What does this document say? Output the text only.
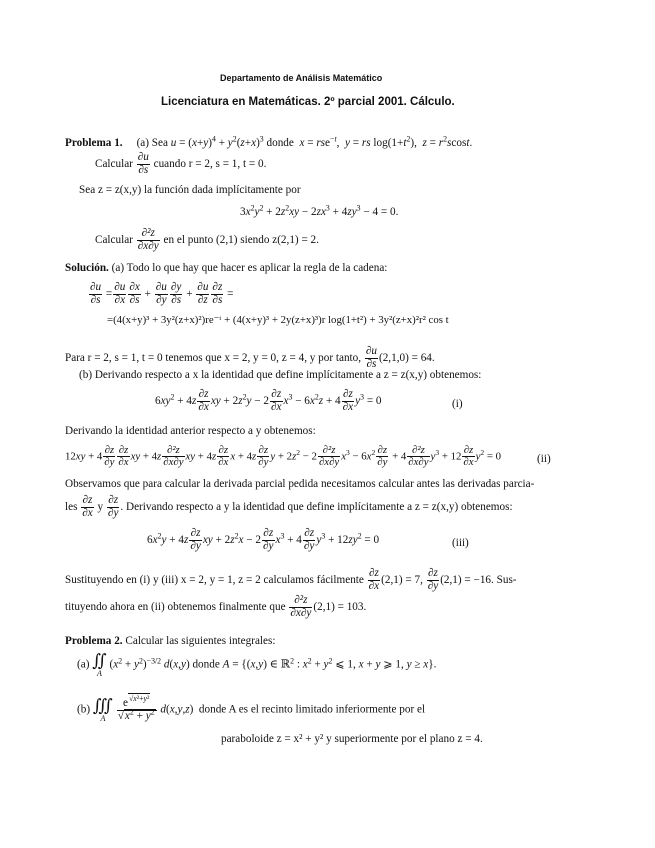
Departamento de Análisis Matemático
Licenciatura en Matemáticas. 2º parcial 2001. Cálculo.
Problema 1. (a) Sea $u = (x+y)^4 + y^2(z+x)^3$ donde x = rse$^{-t}$,  y = rs $\log(1+t^2)$,  $z = r^2scost$.
Calcular $\frac{\partial u}{\partial s}$ cuando r = 2, s = 1, t = 0.
Sea z = z(x,y) la función dada implícitamente por
$3x^2y^2 + 2z^2xy - 2zx^3 + 4zy^3 - 4 = 0$.
Calcular $\frac{\text{∂²z}}{\partial x\partial y}$ en el punto (2,1) siendo z(2,1) = 2.
Solución. (a) Todo lo que hay que hacer es aplicar la regla de la cadena:
$\frac{\partial u}{\partial s} = \frac{\partial u}{\partial x} \frac{\partial x}{\partial s} + \frac{\partial u}{\partial y} \frac{\partial y}{\partial s} + \frac{\partial u}{\partial z} \frac{\partial z}{\partial s}$ =
=(4(x+y)³ + 3y²(z+x)²)re⁻ᵗ + (4(x+y)³ + 2y(z+x)³)r log(1+t²) + 3y²(z+x)²r² cos t
Para r = 2, s = 1, t = 0 tenemos que x = 2, y = 0, z = 4, y por tanto, $\frac{\partial u}{\partial s} (2,1,0) = 64$.
(b) Derivando respecto a x la identidad que define implícitamente a z = z(x,y) obtenemos:
$6xy^2 + 4z \frac{\partial z}{\partial x}$ xy + $2z^2y - 2 \frac{\partial z}{\partial x} x^3 - 6x^2z + 4 \frac{\partial z}{\partial x} y^3 = 0$	(i)
Derivando la identidad anterior respecto a y obtenemos:
$12xy + 4 \frac{\partial z}{\partial y} \frac{\partial z}{\partial x}$ xy + $4z \frac{\text{∂²z}}{\partial x\partial y}$ xy + $4z \frac{\partial z}{\partial x}$ $x + 4z \frac{\partial z}{\partial y}$ $y + 2z^2 - 2 \frac{\text{∂²z}}{\partial x\partial y} x^3 - 6x^2 \frac{\partial z}{\partial y} + 4 \frac{\text{∂²z}}{\partial x\partial y} y^3 + 12 \frac{\partial z}{\partial x} y^2 = 0$	(ii)
Observamos que para calcular la derivada parcial pedida necesitamos calcular antes las derivadas parcia-
les $\frac{\partial z}{\partial x}$ y $\frac{\partial z}{\partial y}$ . Derivando respecto a y la identidad que define implícitamente a z = z(x,y) obtenemos:
$6x^2y + 4z \frac{\partial z}{\partial y}$ xy + $2z^2x - 2 \frac{\partial z}{\partial y} x^3 + 4 \frac{\partial z}{\partial y} y^3 + 12zy^2 = 0$	(iii)
Sustituyendo en (i) y (iii) x = 2, y = 1, z = 2 calculamos fácilmente $\frac{\partial z}{\partial x} (2,1) = 7$, $\frac{\partial z}{\partial y} (2,1) = -16$. Sus-
tituyendo ahora en (ii) obtenemos finalmente que $\frac{\text{∂²z}}{\partial x\partial y} (2,1) = 103$.
Problema 2. Calcular las siguientes integrales:
(a) ∬
A
$(x^2 + y^2)^{-3/2}$ d(x,y) donde A = {(x,y) ∈ ℝ$^2$ : $x^2 + y^2$ ⩽ 1, x + y ⩾ 1, y ≥ x}.
(b) ∭
A
	$\frac{e^{√x^2+y^2}}{√x^2 + y^2} d(x,y,z)$  donde A es el recinto limitado inferiormente por el
paraboloide z = x² + y² y superiormente por el plano z = 4.
